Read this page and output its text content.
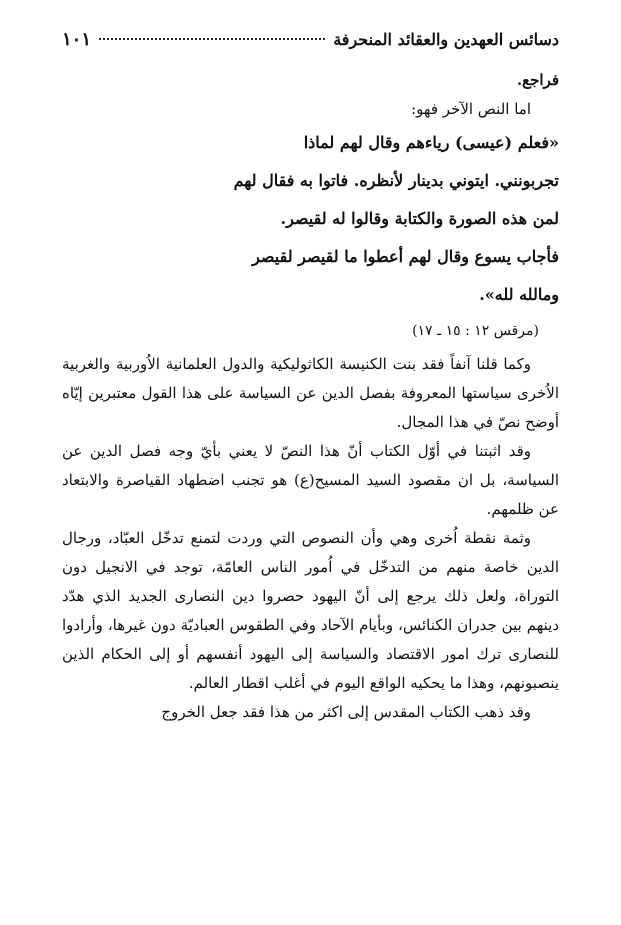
دسائس العهدين والعقائد المنحرفة
١٠١

فراجع.

اما النص الآخر فهو:

«فعلم (عيسى) رياءهم وقال لهم لماذا

تجربونني. ايتوني بدينار لأنظره. فاتوا به فقال لهم

لمن هذه الصورة والكتابة وقالوا له لقيصر.

فأجاب يسوع وقال لهم أعطوا ما لقيصر لقيصر

ومالله لله».

(مرقس ١٢ : ١٥ ـ ١٧)

وكما قلنا آنفاً فقد بنت الكنيسة الكاثوليكية والدول العلمانية الاُوربية والغربية الاُخرى سياستها المعروفة بفصل الدين عن السياسة على هذا القول معتبرين إيّاه أوضح نصّ في هذا المجال.

وقد اثبتنا في أوّل الكتاب أنّ هذا النصّ لا يعني بأيّ وجه فصل الدين عن السياسة، بل ان مقصود السيد المسيح(ع) هو تجنب اضطهاد القياصرة والابتعاد عن ظلمهم.

وثمة نقطة اُخرى وهي وأن النصوص التي وردت لتمنع تدخّل العبّاد، ورجال الدين خاصة منهم من التدخّل في اُمور الناس العامّة، توجد في الانجيل دون التوراة، ولعل ذلك يرجع إلى أنّ اليهود حصروا دين النصارى الجديد الذي هدّد دينهم بين جدران الكنائس، وبأيام الآحاد وفي الطقوس العباديّة دون غيرها، وأرادوا للنصارى ترك امور الاقتصاد والسياسة إلى اليهود أنفسهم أو إلى الحكام الذين ينصبونهم، وهذا ما يحكيه الواقع اليوم في أغلب اقطار العالم.

وقد ذهب الكتاب المقدس إلى اكثر من هذا فقد جعل الخروج
